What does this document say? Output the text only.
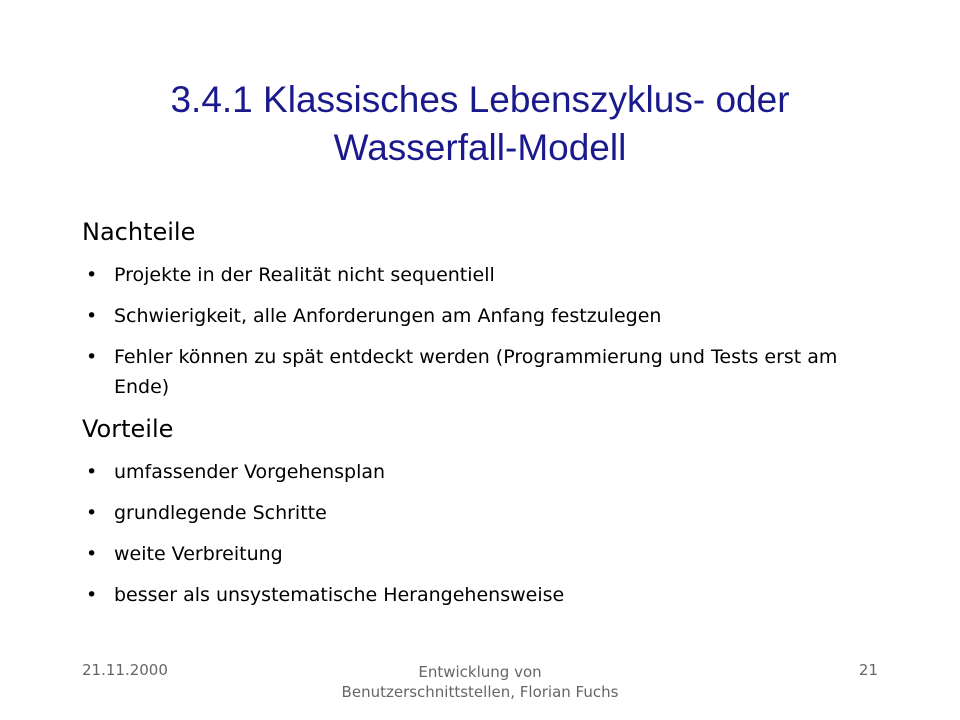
3.4.1 Klassisches Lebenszyklus- oder
Wasserfall-Modell
Nachteile
• Projekte in der Realität nicht sequentiell
• Schwierigkeit, alle Anforderungen am Anfang festzulegen
• Fehler können zu spät entdeckt werden (Programmierung und Tests erst am Ende)
Vorteile
• umfassender Vorgehensplan
• grundlegende Schritte
• weite Verbreitung
• besser als unsystematische Herangehensweise
21.11.2000	Entwicklung von Benutzerschnittstellen, Florian Fuchs
21
